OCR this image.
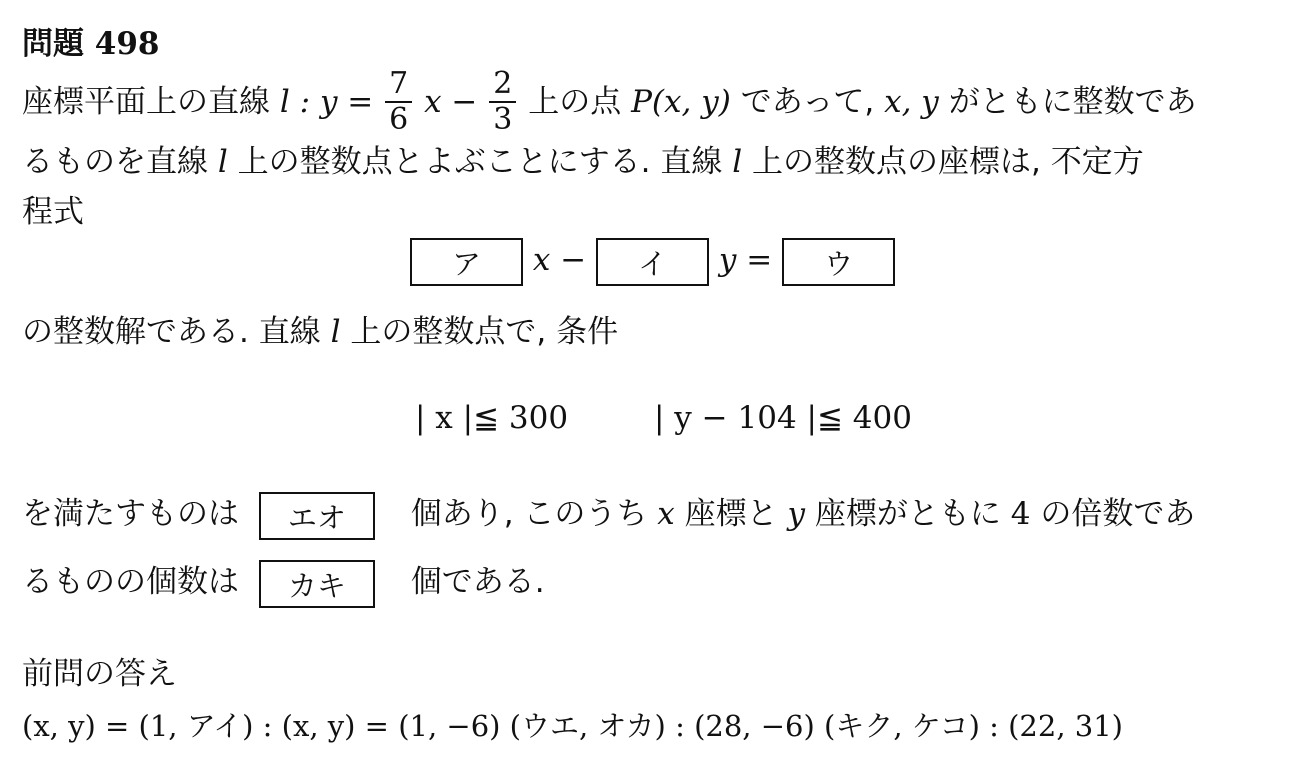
問題 498
座標平面上の直線 l : $y = \frac{7}{6}$ $x - \frac{2}{3}$ 上の点 P(x, y) であって, x, y がともに整数であ
るものを直線 l 上の整数点とよぶことにする. 直線 l 上の整数点の座標は, 不定方
程式
ア x − イ y = ウ
の整数解である. 直線 l 上の整数点で, 条件
| x |≦ 300	| y − 104 |≦ 400
を満たすものは エオ 個あり, このうち x 座標と y 座標がともに 4 の倍数であ
るものの個数は カキ 個である.
前問の答え
(x, y) = (1, アイ) : (x, y) = (1, −6) (ウエ, オカ) : (28, −6) (キク, ケコ) : (22, 31)
